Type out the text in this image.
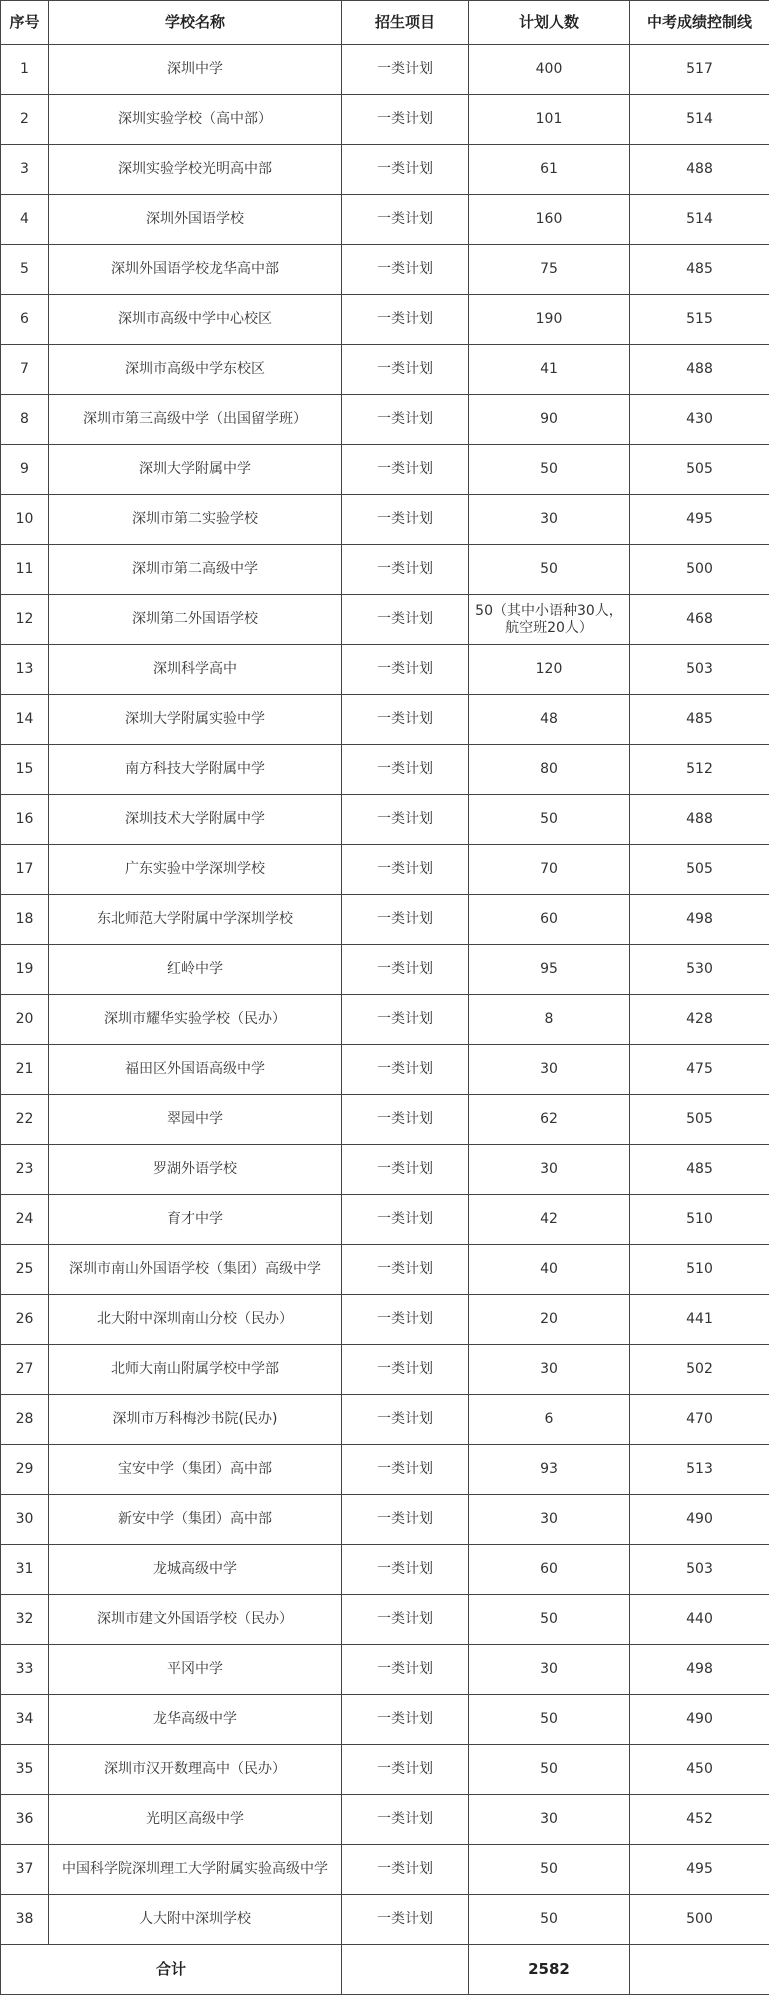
序号	学校名称	招生项目	计划人数	中考成绩控制线
1	深圳中学	一类计划	400	517
2	深圳实验学校（高中部）	一类计划	101	514
3	深圳实验学校光明高中部	一类计划	61	488
4	深圳外国语学校	一类计划	160	514
5	深圳外国语学校龙华高中部	一类计划	75	485
6	深圳市高级中学中心校区	一类计划	190	515
7	深圳市高级中学东校区	一类计划	41	488
8	深圳市第三高级中学（出国留学班）	一类计划	90	430
9	深圳大学附属中学	一类计划	50	505
10	深圳市第二实验学校	一类计划	30	495
11	深圳市第二高级中学	一类计划	50	500
12	深圳第二外国语学校	一类计划	50（其中小语种30人，航空班20人）	468
13	深圳科学高中	一类计划	120	503
14	深圳大学附属实验中学	一类计划	48	485
15	南方科技大学附属中学	一类计划	80	512
16	深圳技术大学附属中学	一类计划	50	488
17	广东实验中学深圳学校	一类计划	70	505
18	东北师范大学附属中学深圳学校	一类计划	60	498
19	红岭中学	一类计划	95	530
20	深圳市耀华实验学校（民办）	一类计划	8	428
21	福田区外国语高级中学	一类计划	30	475
22	翠园中学	一类计划	62	505
23	罗湖外语学校	一类计划	30	485
24	育才中学	一类计划	42	510
25	深圳市南山外国语学校（集团）高级中学	一类计划	40	510
26	北大附中深圳南山分校（民办）	一类计划	20	441
27	北师大南山附属学校中学部	一类计划	30	502
28	深圳市万科梅沙书院(民办)	一类计划	6	470
29	宝安中学（集团）高中部	一类计划	93	513
30	新安中学（集团）高中部	一类计划	30	490
31	龙城高级中学	一类计划	60	503
32	深圳市建文外国语学校（民办）	一类计划	50	440
33	平冈中学	一类计划	30	498
34	龙华高级中学	一类计划	50	490
35	深圳市汉开数理高中（民办）	一类计划	50	450
36	光明区高级中学	一类计划	30	452
37	中国科学院深圳理工大学附属实验高级中学	一类计划	50	495
38	人大附中深圳学校	一类计划	50	500
合计			2582	
